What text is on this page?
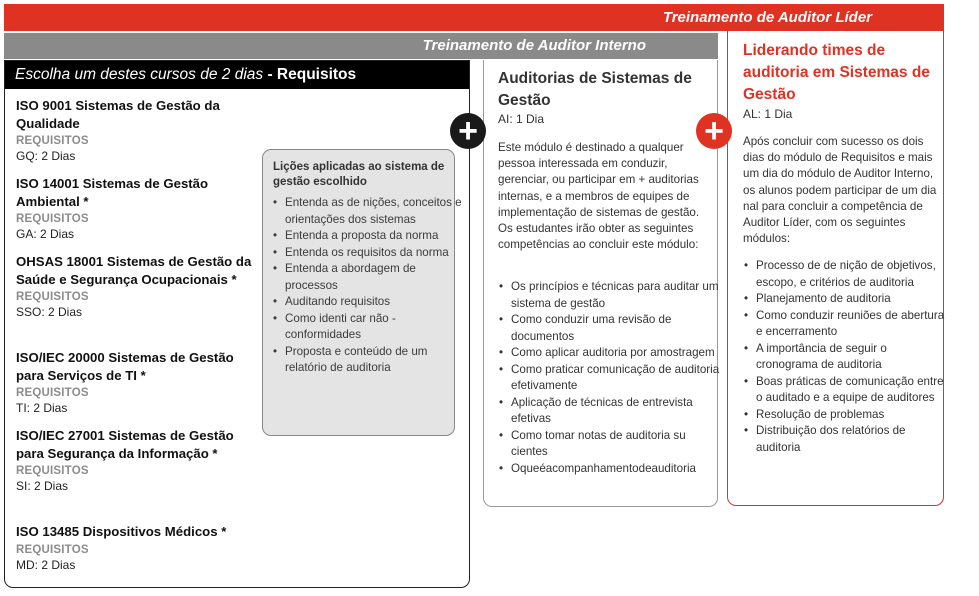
Treinamento de Auditor Líder
Treinamento de Auditor Interno
Escolha um destes cursos de 2 dias - Requisitos
ISO 9001 Sistemas de Gestão da Qualidade
REQUISITOS
GQ: 2 Dias
ISO 14001 Sistemas de Gestão Ambiental *
REQUISITOS
GA: 2 Dias
OHSAS 18001 Sistemas de Gestão da Saúde e Segurança Ocupacionais *
REQUISITOS
SSO: 2 Dias
ISO/IEC 20000 Sistemas de Gestão para Serviços de TI *
REQUISITOS
TI: 2 Dias
ISO/IEC 27001 Sistemas de Gestão para Segurança da Informação *
REQUISITOS
SI: 2 Dias
ISO 13485 Dispositivos Médicos *
REQUISITOS
MD: 2 Dias
Lições aplicadas ao sistema de gestão escolhido
• Entenda as de nições, conceitos e orientações dos sistemas
• Entenda a proposta da norma
• Entenda os requisitos da norma
• Entenda a abordagem de processos
• Auditando requisitos
• Como identi car não - conformidades
• Proposta e conteúdo de um relatório de auditoria
Auditorias de Sistemas de Gestão
AI: 1 Dia
Este módulo é destinado a qualquer pessoa interessada em conduzir, gerenciar, ou participar em + auditorias internas, e a membros de equipes de implementação de sistemas de gestão. Os estudantes irão obter as seguintes competências ao concluir este módulo:
• Os princípios e técnicas para auditar um sistema de gestão
• Como conduzir uma revisão de documentos
• Como aplicar auditoria por amostragem
• Como praticar comunicação de auditoria efetivamente
• Aplicação de técnicas de entrevista efetivas
• Como tomar notas de auditoria su cientes
• Oqueéacompanhamentodeauditoria
Liderando times de auditoria em Sistemas de Gestão
AL: 1 Dia
Após concluir com sucesso os dois dias do módulo de Requisitos e mais um dia do módulo de Auditor Interno, os alunos podem participar de um dia nal para concluir a competência de Auditor Líder, com os seguintes módulos:
• Processo de de nição de objetivos, escopo, e critérios de auditoria
• Planejamento de auditoria
• Como conduzir reuniões de abertura e encerramento
• A importância de seguir o cronograma de auditoria
• Boas práticas de comunicação entre o auditado e a equipe de auditores
• Resolução de problemas
• Distribuição dos relatórios de auditoria
+	+
